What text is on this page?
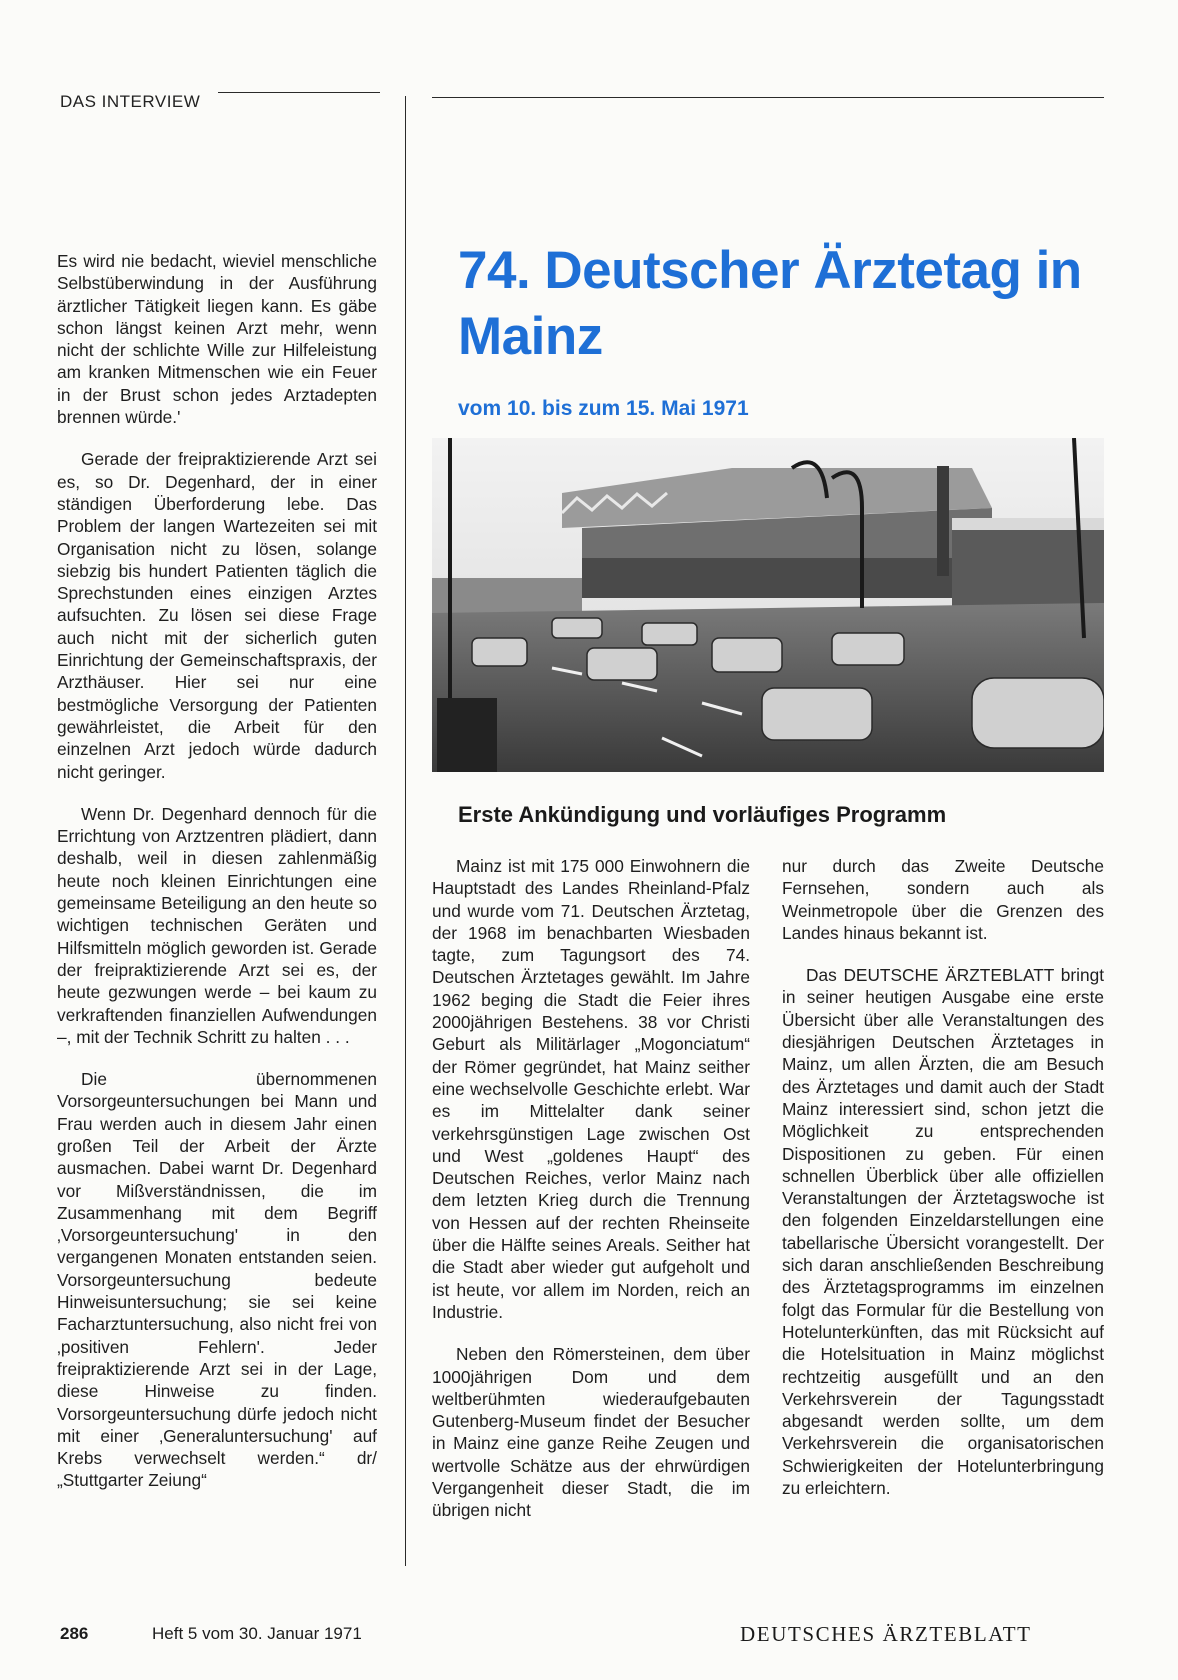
DAS INTERVIEW

Es wird nie bedacht, wieviel menschliche Selbstüberwindung in der Ausführung ärztlicher Tätigkeit liegen kann. Es gäbe schon längst keinen Arzt mehr, wenn nicht der schlichte Wille zur Hilfeleistung am kranken Mitmenschen wie ein Feuer in der Brust schon jedes Arztadepten brennen würde.'

Gerade der freipraktizierende Arzt sei es, so Dr. Degenhard, der in einer ständigen Überforderung lebe. Das Problem der langen Wartezeiten sei mit Organisation nicht zu lösen, solange siebzig bis hundert Patienten täglich die Sprechstunden eines einzigen Arztes aufsuchten. Zu lösen sei diese Frage auch nicht mit der sicherlich guten Einrichtung der Gemeinschaftspraxis, der Arzthäuser. Hier sei nur eine bestmögliche Versorgung der Patienten gewährleistet, die Arbeit für den einzelnen Arzt jedoch würde dadurch nicht geringer.

Wenn Dr. Degenhard dennoch für die Errichtung von Arztzentren plädiert, dann deshalb, weil in diesen zahlenmäßig heute noch kleinen Einrichtungen eine gemeinsame Beteiligung an den heute so wichtigen technischen Geräten und Hilfsmitteln möglich geworden ist. Gerade der freipraktizierende Arzt sei es, der heute gezwungen werde – bei kaum zu verkraftenden finanziellen Aufwendungen –, mit der Technik Schritt zu halten . . .

Die übernommenen Vorsorgeuntersuchungen bei Mann und Frau werden auch in diesem Jahr einen großen Teil der Arbeit der Ärzte ausmachen. Dabei warnt Dr. Degenhard vor Mißverständnissen, die im Zusammenhang mit dem Begriff ‚Vorsorgeuntersuchung' in den vergangenen Monaten entstanden seien. Vorsorgeuntersuchung bedeute Hinweisuntersuchung; sie sei keine Facharztuntersuchung, also nicht frei von ‚positiven Fehlern'. Jeder freipraktizierende Arzt sei in der Lage, diese Hinweise zu finden. Vorsorgeuntersuchung dürfe jedoch nicht mit einer ‚Generaluntersuchung' auf Krebs verwechselt werden.“ dr/„Stuttgarter Zeiung“

74. Deutscher Ärztetag in Mainz
vom 10. bis zum 15. Mai 1971
Erste Ankündigung und vorläufiges Programm

Mainz ist mit 175 000 Einwohnern die Hauptstadt des Landes Rheinland-Pfalz und wurde vom 71. Deutschen Ärztetag, der 1968 im benachbarten Wiesbaden tagte, zum Tagungsort des 74. Deutschen Ärztetages gewählt. Im Jahre 1962 beging die Stadt die Feier ihres 2000jährigen Bestehens. 38 vor Christi Geburt als Militärlager „Mogonciatum“ der Römer gegründet, hat Mainz seither eine wechselvolle Geschichte erlebt. War es im Mittelalter dank seiner verkehrsgünstigen Lage zwischen Ost und West „goldenes Haupt“ des Deutschen Reiches, verlor Mainz nach dem letzten Krieg durch die Trennung von Hessen auf der rechten Rheinseite über die Hälfte seines Areals. Seither hat die Stadt aber wieder gut aufgeholt und ist heute, vor allem im Norden, reich an Industrie.

Neben den Römersteinen, dem über 1000jährigen Dom und dem weltberühmten wiederaufgebauten Gutenberg-Museum findet der Besucher in Mainz eine ganze Reihe Zeugen und wertvolle Schätze aus der ehrwürdigen Vergangenheit dieser Stadt, die im übrigen nicht

nur durch das Zweite Deutsche Fernsehen, sondern auch als Weinmetropole über die Grenzen des Landes hinaus bekannt ist.

Das DEUTSCHE ÄRZTEBLATT bringt in seiner heutigen Ausgabe eine erste Übersicht über alle Veranstaltungen des diesjährigen Deutschen Ärztetages in Mainz, um allen Ärzten, die am Besuch des Ärztetages und damit auch der Stadt Mainz interessiert sind, schon jetzt die Möglichkeit zu entsprechenden Dispositionen zu geben. Für einen schnellen Überblick über alle offiziellen Veranstaltungen der Ärztetagswoche ist den folgenden Einzeldarstellungen eine tabellarische Übersicht vorangestellt. Der sich daran anschließenden Beschreibung des Ärztetagsprogramms im einzelnen folgt das Formular für die Bestellung von Hotelunterkünften, das mit Rücksicht auf die Hotelsituation in Mainz möglichst rechtzeitig ausgefüllt und an den Verkehrsverein der Tagungsstadt abgesandt werden sollte, um dem Verkehrsverein die organisatorischen Schwierigkeiten der Hotelunterbringung zu erleichtern.

286	Heft 5 vom 30. Januar 1971	DEUTSCHES ÄRZTEBLATT
